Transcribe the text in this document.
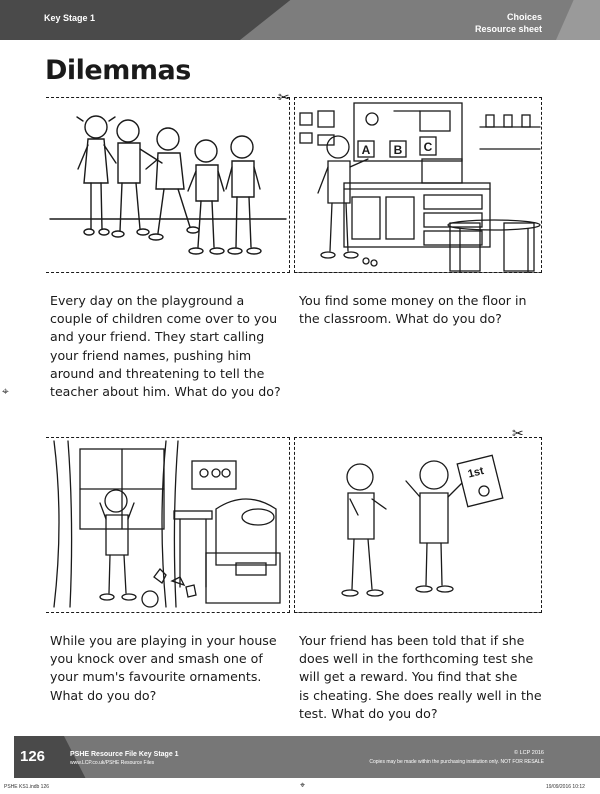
Key Stage 1	Choices
Resource sheet
Dilemmas
✂
A B C
Every day on the playground a
couple of children come over to you
and your friend. They start calling
your friend names, pushing him
around and threatening to tell the
teacher about him. What do you do?
You find some money on the floor in
the classroom. What do you do?
⌖
✂
1st
While you are playing in your house
you knock over and smash one of
your mum's favourite ornaments.
What do you do?
Your friend has been told that if she
does well in the forthcoming test she
will get a reward. You find that she
is cheating. She does really well in the
test. What do you do?
126	PSHE Resource File Key Stage 1
www.LCP.co.uk/PSHE Resource Files
© LCP 2016
Copies may be made within the purchasing institution only. NOT FOR RESALE
PSHE KS1.indb 126	⌖	19/09/2016 10:12
